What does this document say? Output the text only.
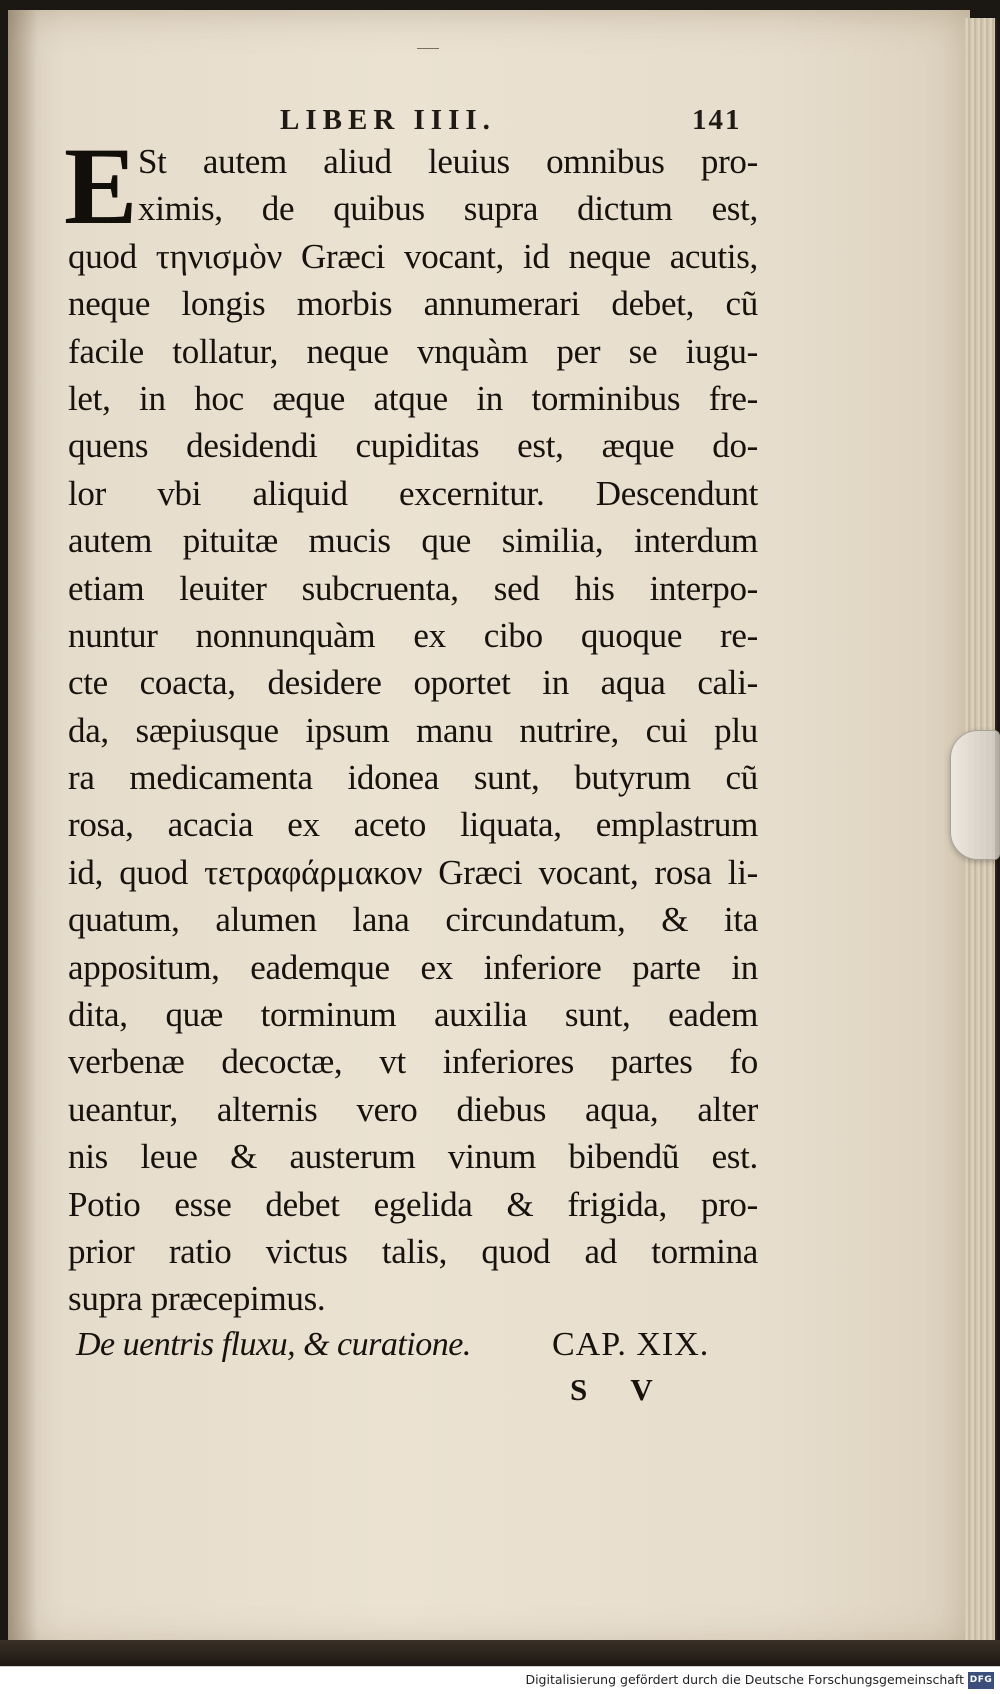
LIBER IIII.	141
E St autem aliud leuius omnibus pro-
ximis, de quibus supra dictum est,
quod τηνισμὸν Græci vocant, id neque acutis,
neque longis morbis annumerari debet, cũ
facile tollatur, neque vnquàm per se iugu-
let, in hoc æque atque in torminibus fre-
quens desidendi cupiditas est, æque do-
lor vbi aliquid excernitur. Descendunt
autem pituitæ mucis que similia, interdum
etiam leuiter subcruenta, sed his interpo-
nuntur nonnunquàm ex cibo quoque re-
cte coacta, desidere oportet in aqua cali-
da, sæpiusque ipsum manu nutrire, cui plu
ra medicamenta idonea sunt, butyrum cũ
rosa, acacia ex aceto liquata, emplastrum
id, quod τετραφάρμακον Græci vocant, rosa li-
quatum, alumen lana circundatum, & ita
appositum, eademque ex inferiore parte in
dita, quæ torminum auxilia sunt, eadem
verbenæ decoctæ, vt inferiores partes fo
ueantur, alternis vero diebus aqua, alter
nis leue & austerum vinum bibendũ est.
Potio esse debet egelida & frigida, pro-
prior ratio victus talis, quod ad tormina
supra præcepimus.
De uentris fluxu, & curatione. CAP. XIX.
S V
Digitalisierung gefördert durch die Deutsche Forschungsgemeinschaft DFG
